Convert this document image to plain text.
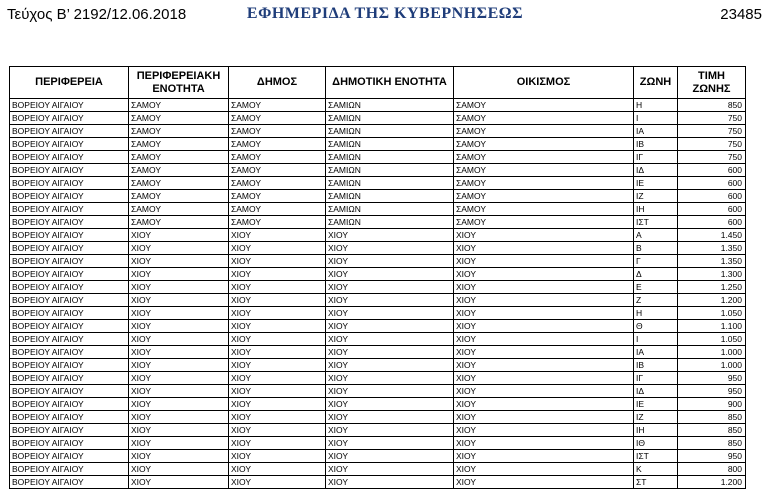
Τεύχος Β’ 2192/12.06.2018	ΕΦΗΜΕΡΙΔΑ ΤΗΣ ΚΥΒΕΡΝΗΣΕΩΣ	23485
ΠΕΡΙΦΕΡΕΙΑ	ΠΕΡΙΦΕΡΕΙΑΚΗ ΕΝΟΤΗΤΑ	ΔΗΜΟΣ	ΔΗΜΟΤΙΚΗ ΕΝΟΤΗΤΑ	ΟΙΚΙΣΜΟΣ	ΖΩΝΗ	ΤΙΜΗ ΖΩΝΗΣ
ΒΟΡΕΙΟΥ ΑΙΓΑΙΟΥ	ΣΑΜΟΥ	ΣΑΜΟΥ	ΣΑΜΙΩΝ	ΣΑΜΟΥ	Η	850
ΒΟΡΕΙΟΥ ΑΙΓΑΙΟΥ	ΣΑΜΟΥ	ΣΑΜΟΥ	ΣΑΜΙΩΝ	ΣΑΜΟΥ	Ι	750
ΒΟΡΕΙΟΥ ΑΙΓΑΙΟΥ	ΣΑΜΟΥ	ΣΑΜΟΥ	ΣΑΜΙΩΝ	ΣΑΜΟΥ	ΙΑ	750
ΒΟΡΕΙΟΥ ΑΙΓΑΙΟΥ	ΣΑΜΟΥ	ΣΑΜΟΥ	ΣΑΜΙΩΝ	ΣΑΜΟΥ	ΙΒ	750
ΒΟΡΕΙΟΥ ΑΙΓΑΙΟΥ	ΣΑΜΟΥ	ΣΑΜΟΥ	ΣΑΜΙΩΝ	ΣΑΜΟΥ	ΙΓ	750
ΒΟΡΕΙΟΥ ΑΙΓΑΙΟΥ	ΣΑΜΟΥ	ΣΑΜΟΥ	ΣΑΜΙΩΝ	ΣΑΜΟΥ	ΙΔ	600
ΒΟΡΕΙΟΥ ΑΙΓΑΙΟΥ	ΣΑΜΟΥ	ΣΑΜΟΥ	ΣΑΜΙΩΝ	ΣΑΜΟΥ	ΙΕ	600
ΒΟΡΕΙΟΥ ΑΙΓΑΙΟΥ	ΣΑΜΟΥ	ΣΑΜΟΥ	ΣΑΜΙΩΝ	ΣΑΜΟΥ	ΙΖ	600
ΒΟΡΕΙΟΥ ΑΙΓΑΙΟΥ	ΣΑΜΟΥ	ΣΑΜΟΥ	ΣΑΜΙΩΝ	ΣΑΜΟΥ	ΙΗ	600
ΒΟΡΕΙΟΥ ΑΙΓΑΙΟΥ	ΣΑΜΟΥ	ΣΑΜΟΥ	ΣΑΜΙΩΝ	ΣΑΜΟΥ	ΙΣΤ	600
ΒΟΡΕΙΟΥ ΑΙΓΑΙΟΥ	ΧΙΟΥ	ΧΙΟΥ	ΧΙΟΥ	ΧΙΟΥ	Α	1.450
ΒΟΡΕΙΟΥ ΑΙΓΑΙΟΥ	ΧΙΟΥ	ΧΙΟΥ	ΧΙΟΥ	ΧΙΟΥ	Β	1.350
ΒΟΡΕΙΟΥ ΑΙΓΑΙΟΥ	ΧΙΟΥ	ΧΙΟΥ	ΧΙΟΥ	ΧΙΟΥ	Γ	1.350
ΒΟΡΕΙΟΥ ΑΙΓΑΙΟΥ	ΧΙΟΥ	ΧΙΟΥ	ΧΙΟΥ	ΧΙΟΥ	Δ	1.300
ΒΟΡΕΙΟΥ ΑΙΓΑΙΟΥ	ΧΙΟΥ	ΧΙΟΥ	ΧΙΟΥ	ΧΙΟΥ	Ε	1.250
ΒΟΡΕΙΟΥ ΑΙΓΑΙΟΥ	ΧΙΟΥ	ΧΙΟΥ	ΧΙΟΥ	ΧΙΟΥ	Ζ	1.200
ΒΟΡΕΙΟΥ ΑΙΓΑΙΟΥ	ΧΙΟΥ	ΧΙΟΥ	ΧΙΟΥ	ΧΙΟΥ	Η	1.050
ΒΟΡΕΙΟΥ ΑΙΓΑΙΟΥ	ΧΙΟΥ	ΧΙΟΥ	ΧΙΟΥ	ΧΙΟΥ	Θ	1.100
ΒΟΡΕΙΟΥ ΑΙΓΑΙΟΥ	ΧΙΟΥ	ΧΙΟΥ	ΧΙΟΥ	ΧΙΟΥ	Ι	1.050
ΒΟΡΕΙΟΥ ΑΙΓΑΙΟΥ	ΧΙΟΥ	ΧΙΟΥ	ΧΙΟΥ	ΧΙΟΥ	ΙΑ	1.000
ΒΟΡΕΙΟΥ ΑΙΓΑΙΟΥ	ΧΙΟΥ	ΧΙΟΥ	ΧΙΟΥ	ΧΙΟΥ	ΙΒ	1.000
ΒΟΡΕΙΟΥ ΑΙΓΑΙΟΥ	ΧΙΟΥ	ΧΙΟΥ	ΧΙΟΥ	ΧΙΟΥ	ΙΓ	950
ΒΟΡΕΙΟΥ ΑΙΓΑΙΟΥ	ΧΙΟΥ	ΧΙΟΥ	ΧΙΟΥ	ΧΙΟΥ	ΙΔ	950
ΒΟΡΕΙΟΥ ΑΙΓΑΙΟΥ	ΧΙΟΥ	ΧΙΟΥ	ΧΙΟΥ	ΧΙΟΥ	ΙΕ	900
ΒΟΡΕΙΟΥ ΑΙΓΑΙΟΥ	ΧΙΟΥ	ΧΙΟΥ	ΧΙΟΥ	ΧΙΟΥ	ΙΖ	850
ΒΟΡΕΙΟΥ ΑΙΓΑΙΟΥ	ΧΙΟΥ	ΧΙΟΥ	ΧΙΟΥ	ΧΙΟΥ	ΙΗ	850
ΒΟΡΕΙΟΥ ΑΙΓΑΙΟΥ	ΧΙΟΥ	ΧΙΟΥ	ΧΙΟΥ	ΧΙΟΥ	ΙΘ	850
ΒΟΡΕΙΟΥ ΑΙΓΑΙΟΥ	ΧΙΟΥ	ΧΙΟΥ	ΧΙΟΥ	ΧΙΟΥ	ΙΣΤ	950
ΒΟΡΕΙΟΥ ΑΙΓΑΙΟΥ	ΧΙΟΥ	ΧΙΟΥ	ΧΙΟΥ	ΧΙΟΥ	Κ	800
ΒΟΡΕΙΟΥ ΑΙΓΑΙΟΥ	ΧΙΟΥ	ΧΙΟΥ	ΧΙΟΥ	ΧΙΟΥ	ΣΤ	1.200
